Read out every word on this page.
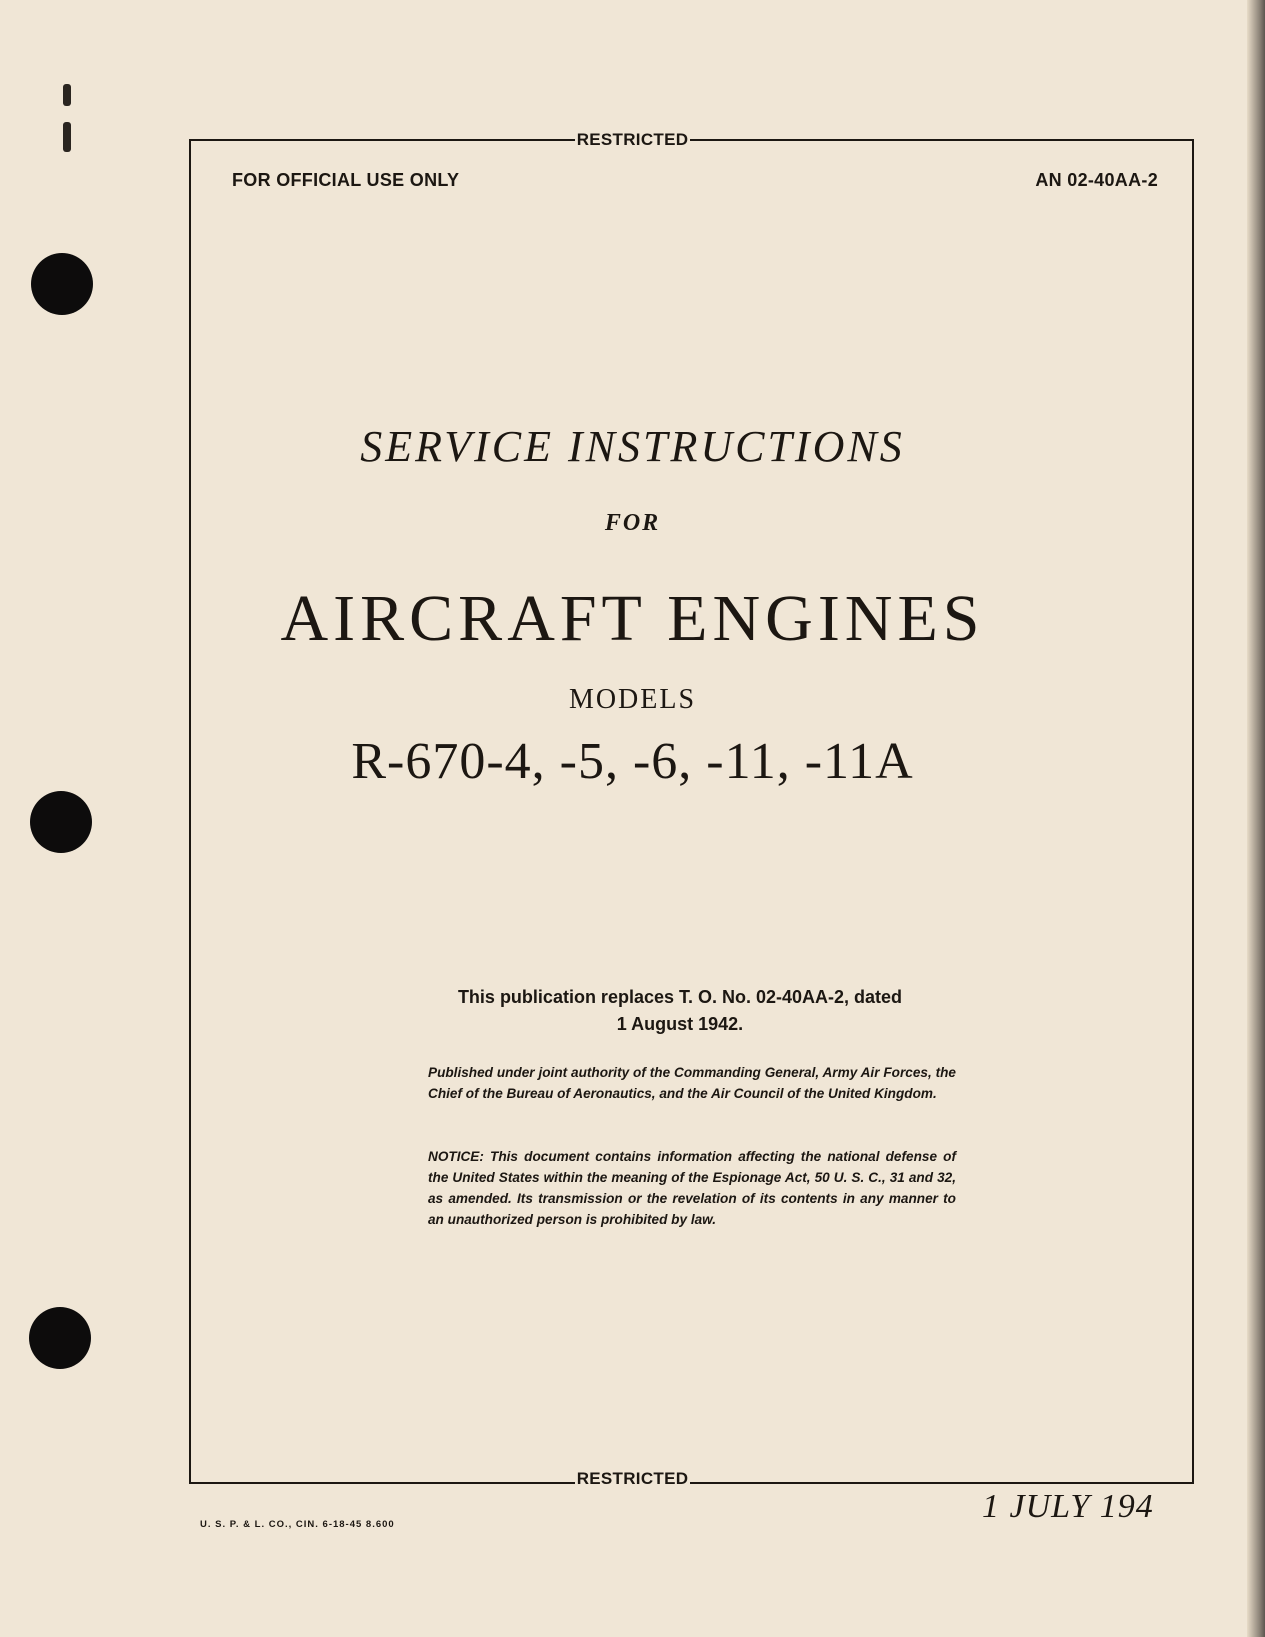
RESTRICTED
FOR OFFICIAL USE ONLY	AN 02-40AA-2
SERVICE INSTRUCTIONS
FOR
AIRCRAFT ENGINES
MODELS
R-670-4, -5, -6, -11, -11A
This publication replaces T. O. No. 02-40AA-2, dated
1 August 1942.
Published under joint authority of the Commanding General, Army Air Forces, the Chief of the Bureau of Aeronautics, and the Air Council of the United Kingdom.
NOTICE: This document contains information affecting the national defense of the United States within the meaning of the Espionage Act, 50 U. S. C., 31 and 32, as amended. Its transmission or the revelation of its contents in any manner to an unauthorized person is prohibited by law.
RESTRICTED
U. S. P. & L. CO., CIN. 6-18-45 8.600	1 JULY 194
